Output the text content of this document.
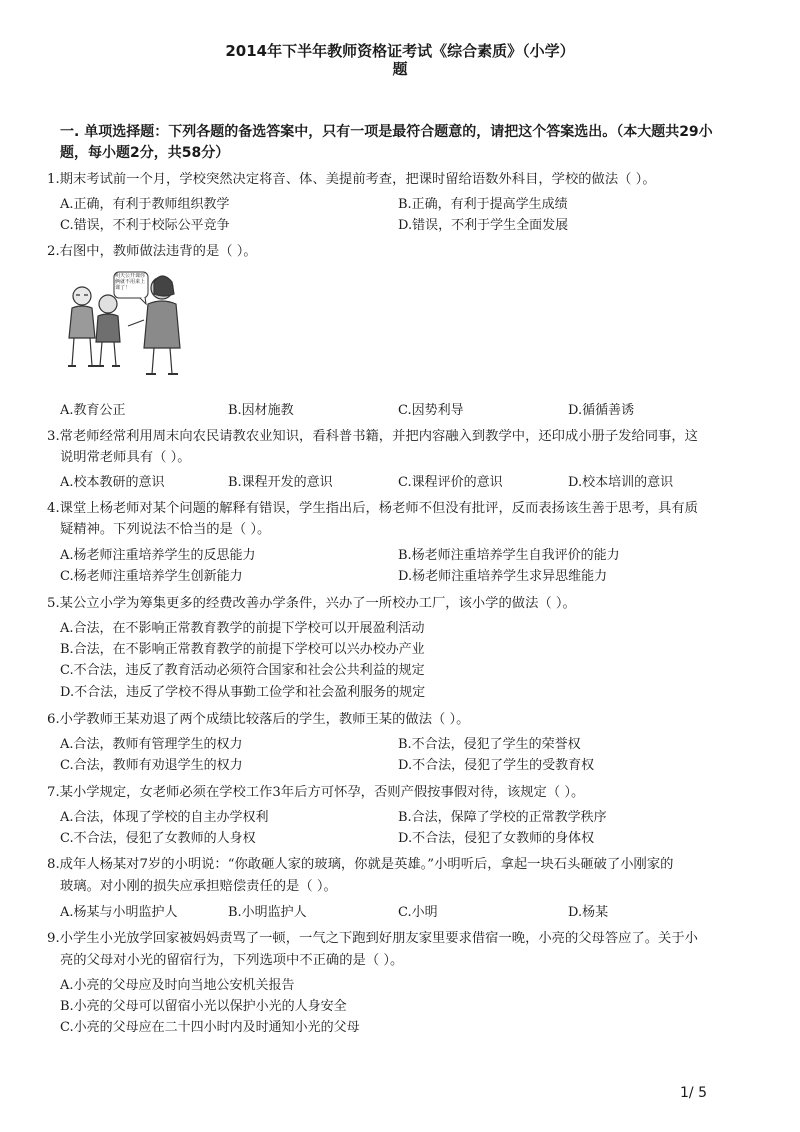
2014年下半年教师资格证考试《综合素质》（小学）
题
一. 单项选择题：下列各题的备选答案中，只有一项是最符合题意的，请把这个答案选出。（本大题共29小
题，每小题2分，共58分）
1.期末考试前一个月，学校突然决定将音、体、美提前考查，把课时留给语数外科目，学校的做法（ ）。
A.正确，有利于教师组织教学	B.正确，有利于提高学生成绩
C.错误，不利于校际公平竞争	D.错误，不利于学生全面发展
2.右图中，教师做法违背的是（ ）。
明天公开课你俩就不用来上课了！
A.教育公正	B.因材施教	C.因势利导	D.循循善诱
3.常老师经常利用周末向农民请教农业知识，看科普书籍，并把内容融入到教学中，还印成小册子发给同事，这
说明常老师具有（ ）。
A.校本教研的意识	B.课程开发的意识	C.课程评价的意识	D.校本培训的意识
4.课堂上杨老师对某个问题的解释有错误，学生指出后，杨老师不但没有批评，反而表扬该生善于思考，具有质
疑精神。下列说法不恰当的是（ ）。
A.杨老师注重培养学生的反思能力	B.杨老师注重培养学生自我评价的能力
C.杨老师注重培养学生创新能力	D.杨老师注重培养学生求异思维能力
5.某公立小学为筹集更多的经费改善办学条件，兴办了一所校办工厂，该小学的做法（ ）。
A.合法，在不影响正常教育教学的前提下学校可以开展盈利活动
B.合法，在不影响正常教育教学的前提下学校可以兴办校办产业
C.不合法，违反了教育活动必须符合国家和社会公共利益的规定
D.不合法，违反了学校不得从事勤工俭学和社会盈利服务的规定
6.小学教师王某劝退了两个成绩比较落后的学生，教师王某的做法（ ）。
A.合法，教师有管理学生的权力	B.不合法，侵犯了学生的荣誉权
C.合法，教师有劝退学生的权力	D.不合法，侵犯了学生的受教育权
7.某小学规定，女老师必须在学校工作3年后方可怀孕，否则产假按事假对待，该规定（ ）。
A.合法，体现了学校的自主办学权利	B.合法，保障了学校的正常教学秩序
C.不合法，侵犯了女教师的人身权	D.不合法，侵犯了女教师的身体权
8.成年人杨某对7岁的小明说：“你敢砸人家的玻璃，你就是英雄。”小明听后，拿起一块石头砸破了小刚家的
玻璃。对小刚的损失应承担赔偿责任的是（ ）。
A.杨某与小明监护人	B.小明监护人	C.小明	D.杨某
9.小学生小光放学回家被妈妈责骂了一顿，一气之下跑到好朋友家里要求借宿一晚，小亮的父母答应了。关于小
亮的父母对小光的留宿行为，下列选项中不正确的是（ ）。
A.小亮的父母应及时向当地公安机关报告
B.小亮的父母可以留宿小光以保护小光的人身安全
C.小亮的父母应在二十四小时内及时通知小光的父母
1/ 5
